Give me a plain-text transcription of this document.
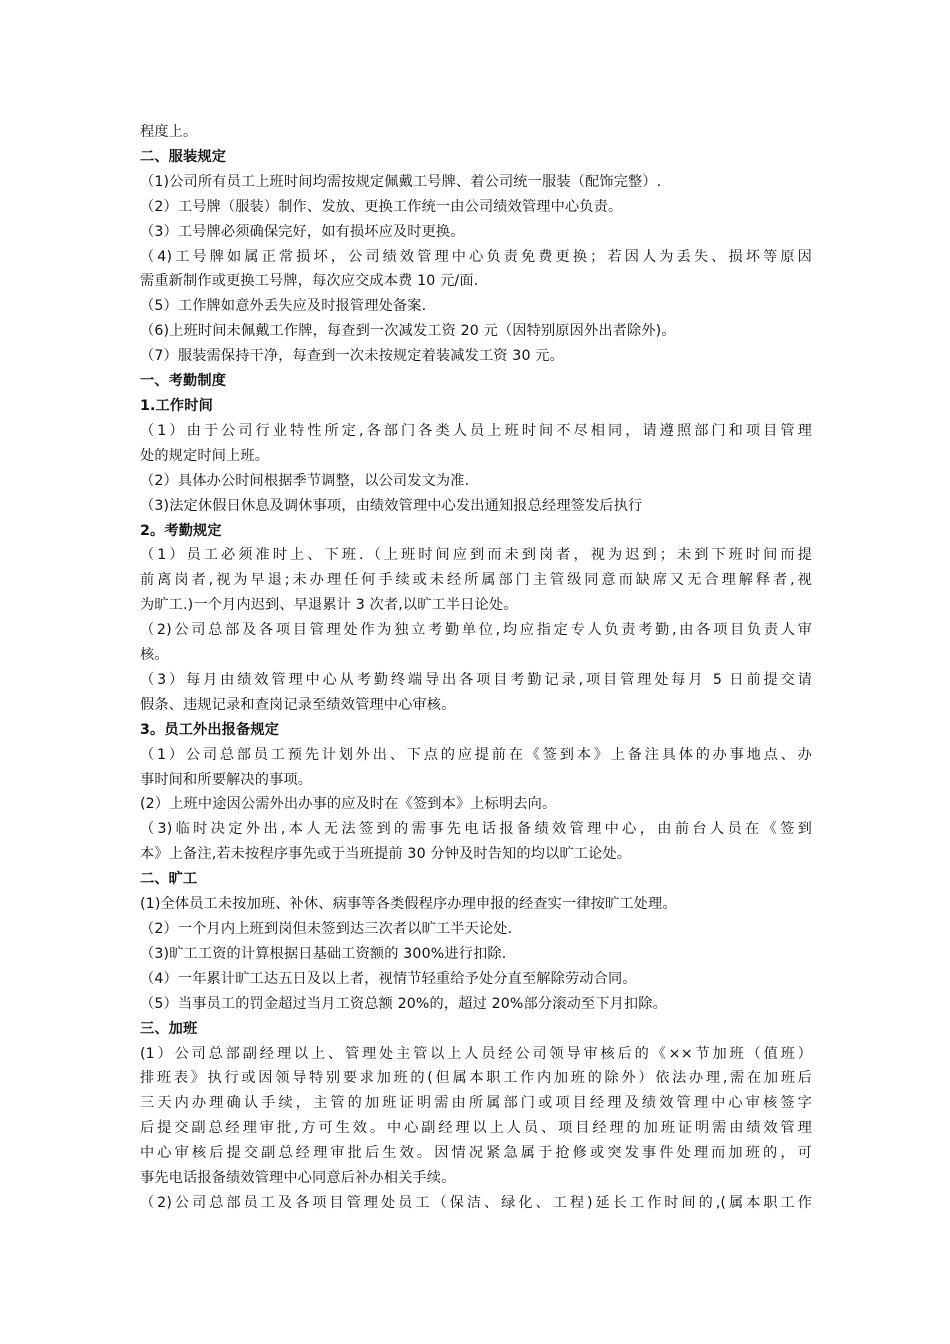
程度上。
二、服装规定
（1)公司所有员工上班时间均需按规定佩戴工号牌、着公司统一服装（配饰完整）.
（2）工号牌（服装）制作、发放、更换工作统一由公司绩效管理中心负责。
（3）工号牌必须确保完好，如有损坏应及时更换。
（4)工号牌如属正常损坏，公司绩效管理中心负责免费更换；若因人为丢失、损坏等原因
需重新制作或更换工号牌，每次应交成本费 10 元/面.
（5）工作牌如意外丢失应及时报管理处备案.
（6)上班时间未佩戴工作牌，每查到一次减发工资 20 元（因特别原因外出者除外)。
（7）服装需保持干净，每查到一次未按规定着装减发工资 30 元。
一、考勤制度
1.工作时间
（1）由于公司行业特性所定,各部门各类人员上班时间不尽相同，请遵照部门和项目管理
处的规定时间上班。
（2）具体办公时间根据季节调整，以公司发文为准.
（3)法定休假日休息及调休事项，由绩效管理中心发出通知报总经理签发后执行
2。考勤规定
（1）员工必须准时上、下班.（上班时间应到而未到岗者，视为迟到；未到下班时间而提
前离岗者,视为早退;未办理任何手续或未经所属部门主管级同意而缺席又无合理解释者,视
为旷工.)一个月内迟到、早退累计 3 次者,以旷工半日论处。
（2)公司总部及各项目管理处作为独立考勤单位,均应指定专人负责考勤,由各项目负责人审
核。
（3）每月由绩效管理中心从考勤终端导出各项目考勤记录,项目管理处每月 5 日前提交请
假条、违规记录和查岗记录至绩效管理中心审核。
3。员工外出报备规定
（1）公司总部员工预先计划外出、下点的应提前在《签到本》上备注具体的办事地点、办
事时间和所要解决的事项。
(2）上班中途因公需外出办事的应及时在《签到本》上标明去向。
（3)临时决定外出,本人无法签到的需事先电话报备绩效管理中心，由前台人员在《签到
本》上备注,若未按程序事先或于当班提前 30 分钟及时告知的均以旷工论处。
二、旷工
(1)全体员工未按加班、补休、病事等各类假程序办理申报的经查实一律按旷工处理。
（2）一个月内上班到岗但未签到达三次者以旷工半天论处.
（3)旷工工资的计算根据日基础工资额的 300%进行扣除.
（4）一年累计旷工达五日及以上者，视情节轻重给予处分直至解除劳动合同。
（5）当事员工的罚金超过当月工资总额 20%的，超过 20%部分滚动至下月扣除。
三、加班
(1）公司总部副经理以上、管理处主管以上人员经公司领导审核后的《××节加班（值班）
排班表》执行或因领导特别要求加班的(但属本职工作内加班的除外）依法办理,需在加班后
三天内办理确认手续，主管的加班证明需由所属部门或项目经理及绩效管理中心审核签字
后提交副总经理审批,方可生效。中心副经理以上人员、项目经理的加班证明需由绩效管理
中心审核后提交副总经理审批后生效。因情况紧急属于抢修或突发事件处理而加班的，可
事先电话报备绩效管理中心同意后补办相关手续。
（2)公司总部员工及各项目管理处员工（保洁、绿化、工程)延长工作时间的,(属本职工作
